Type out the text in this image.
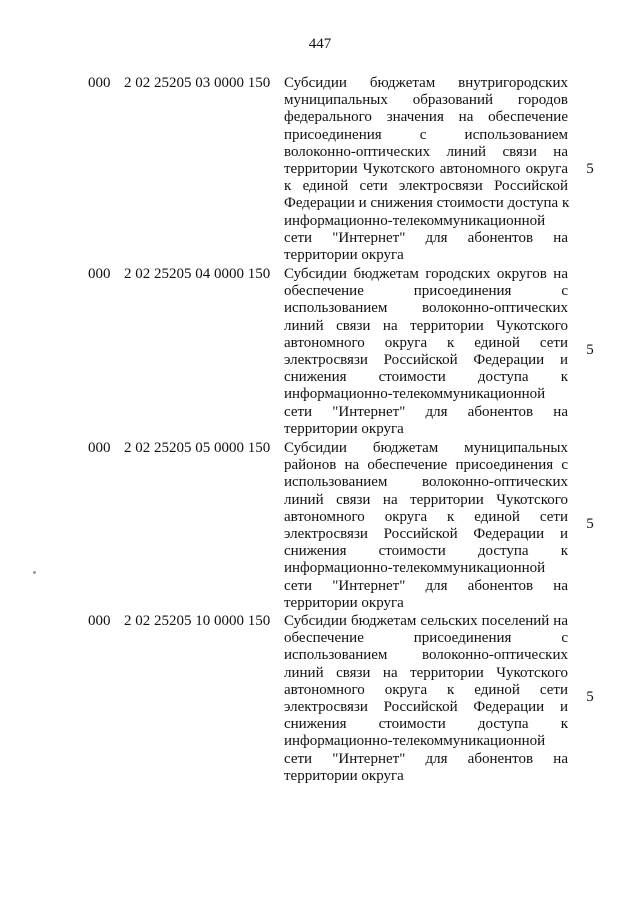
447
000 2 02 25205 03 0000 150 Субсидии бюджетам внутригородских
муниципальных образований городов
федерального значения на обеспечение
присоединения с использованием
волоконно-оптических линий связи на
территории Чукотского автономного округа
к единой сети электросвязи Российской
Федерации и снижения стоимости доступа к
информационно-телекоммуникационной
сети "Интернет" для абонентов на
территории округа
5
000 2 02 25205 04 0000 150 Субсидии бюджетам городских округов на
обеспечение присоединения с
использованием волоконно-оптических
линий связи на территории Чукотского
автономного округа к единой сети
электросвязи Российской Федерации и
снижения стоимости доступа к
информационно-телекоммуникационной
сети "Интернет" для абонентов на
территории округа
5
000 2 02 25205 05 0000 150 Субсидии бюджетам муниципальных
районов на обеспечение присоединения с
использованием волоконно-оптических
линий связи на территории Чукотского
автономного округа к единой сети
электросвязи Российской Федерации и
снижения стоимости доступа к
информационно-телекоммуникационной
сети "Интернет" для абонентов на
территории округа
5
000 2 02 25205 10 0000 150 Субсидии бюджетам сельских поселений на
обеспечение присоединения с
использованием волоконно-оптических
линий связи на территории Чукотского
автономного округа к единой сети
электросвязи Российской Федерации и
снижения стоимости доступа к
информационно-телекоммуникационной
сети "Интернет" для абонентов на
территории округа
5
